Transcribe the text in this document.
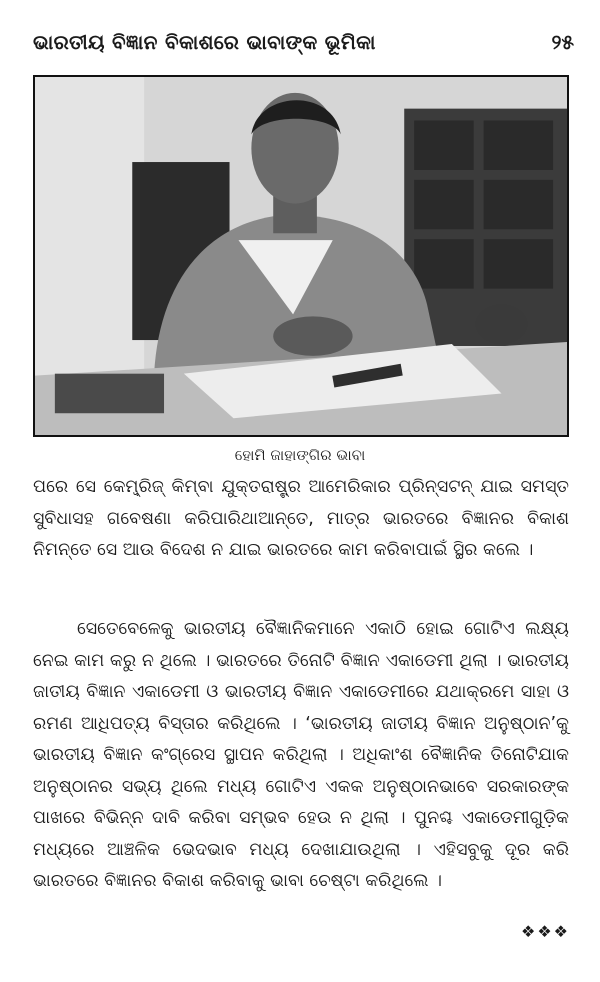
ଭାରତୀୟ ବିଜ୍ଞାନ ବିକାଶରେ ଭାବାଙ୍କ ଭୂମିକା	୨୫
ହୋମି ଜାହାଙ୍ଗିର ଭାବା

ପରେ ସେ କେମ୍ବ୍ରିଜ୍ କିମ୍ବା ଯୁକ୍ତରାଷ୍ଟ୍ର ଆମେରିକାର ପ୍ରିନ୍ସଟନ୍ ଯାଇ ସମସ୍ତ ସୁବିଧାସହ ଗବେଷଣା କରିପାରିଥାଆନ୍ତେ, ମାତ୍ର ଭାରତରେ ବିଜ୍ଞାନର ବିକାଶ ନିମନ୍ତେ ସେ ଆଉ ବିଦେଶ ନ ଯାଇ ଭାରତରେ କାମ କରିବାପାଇଁ ସ୍ଥିର କଲେ ।

ସେତେବେଳେକୁ ଭାରତୀୟ ବୈଜ୍ଞାନିକମାନେ ଏକାଠି ହୋଇ ଗୋଟିଏ ଲକ୍ଷ୍ୟ ନେଇ କାମ କରୁ ନ ଥିଲେ । ଭାରତରେ ତିନୋଟି ବିଜ୍ଞାନ ଏକାଡେମୀ ଥିଲା । ଭାରତୀୟ ଜାତୀୟ ବିଜ୍ଞାନ ଏକାଡେମୀ ଓ ଭାରତୀୟ ବିଜ୍ଞାନ ଏକାଡେମୀରେ ଯଥାକ୍ରମେ ସାହା ଓ ରମଣ ଆଧିପତ୍ୟ ବିସ୍ତାର କରିଥିଲେ । ‘ଭାରତୀୟ ଜାତୀୟ ବିଜ୍ଞାନ ଅନୁଷ୍ଠାନ’କୁ ଭାରତୀୟ ବିଜ୍ଞାନ କଂଗ୍ରେସ ସ୍ଥାପନ କରିଥିଲା । ଅଧିକାଂଶ ବୈଜ୍ଞାନିକ ତିନୋଟିଯାକ ଅନୁଷ୍ଠାନର ସଭ୍ୟ ଥିଲେ ମଧ୍ୟ ଗୋଟିଏ ଏକକ ଅନୁଷ୍ଠାନଭାବେ ସରକାରଙ୍କ ପାଖରେ ବିଭିନ୍ନ ଦାବି କରିବା ସମ୍ଭବ ହେଉ ନ ଥିଲା । ପୁନଶ୍ଚ ଏକାଡେମୀଗୁଡ଼ିକ ମଧ୍ୟରେ ଆଞ୍ଚଳିକ ଭେଦଭାବ ମଧ୍ୟ ଦେଖାଯାଉଥିଲା । ଏହିସବୁକୁ ଦୂର କରି ଭାରତରେ ବିଜ୍ଞାନର ବିକାଶ କରିବାକୁ ଭାବା ଚେଷ୍ଟା କରିଥିଲେ ।

❖❖❖
